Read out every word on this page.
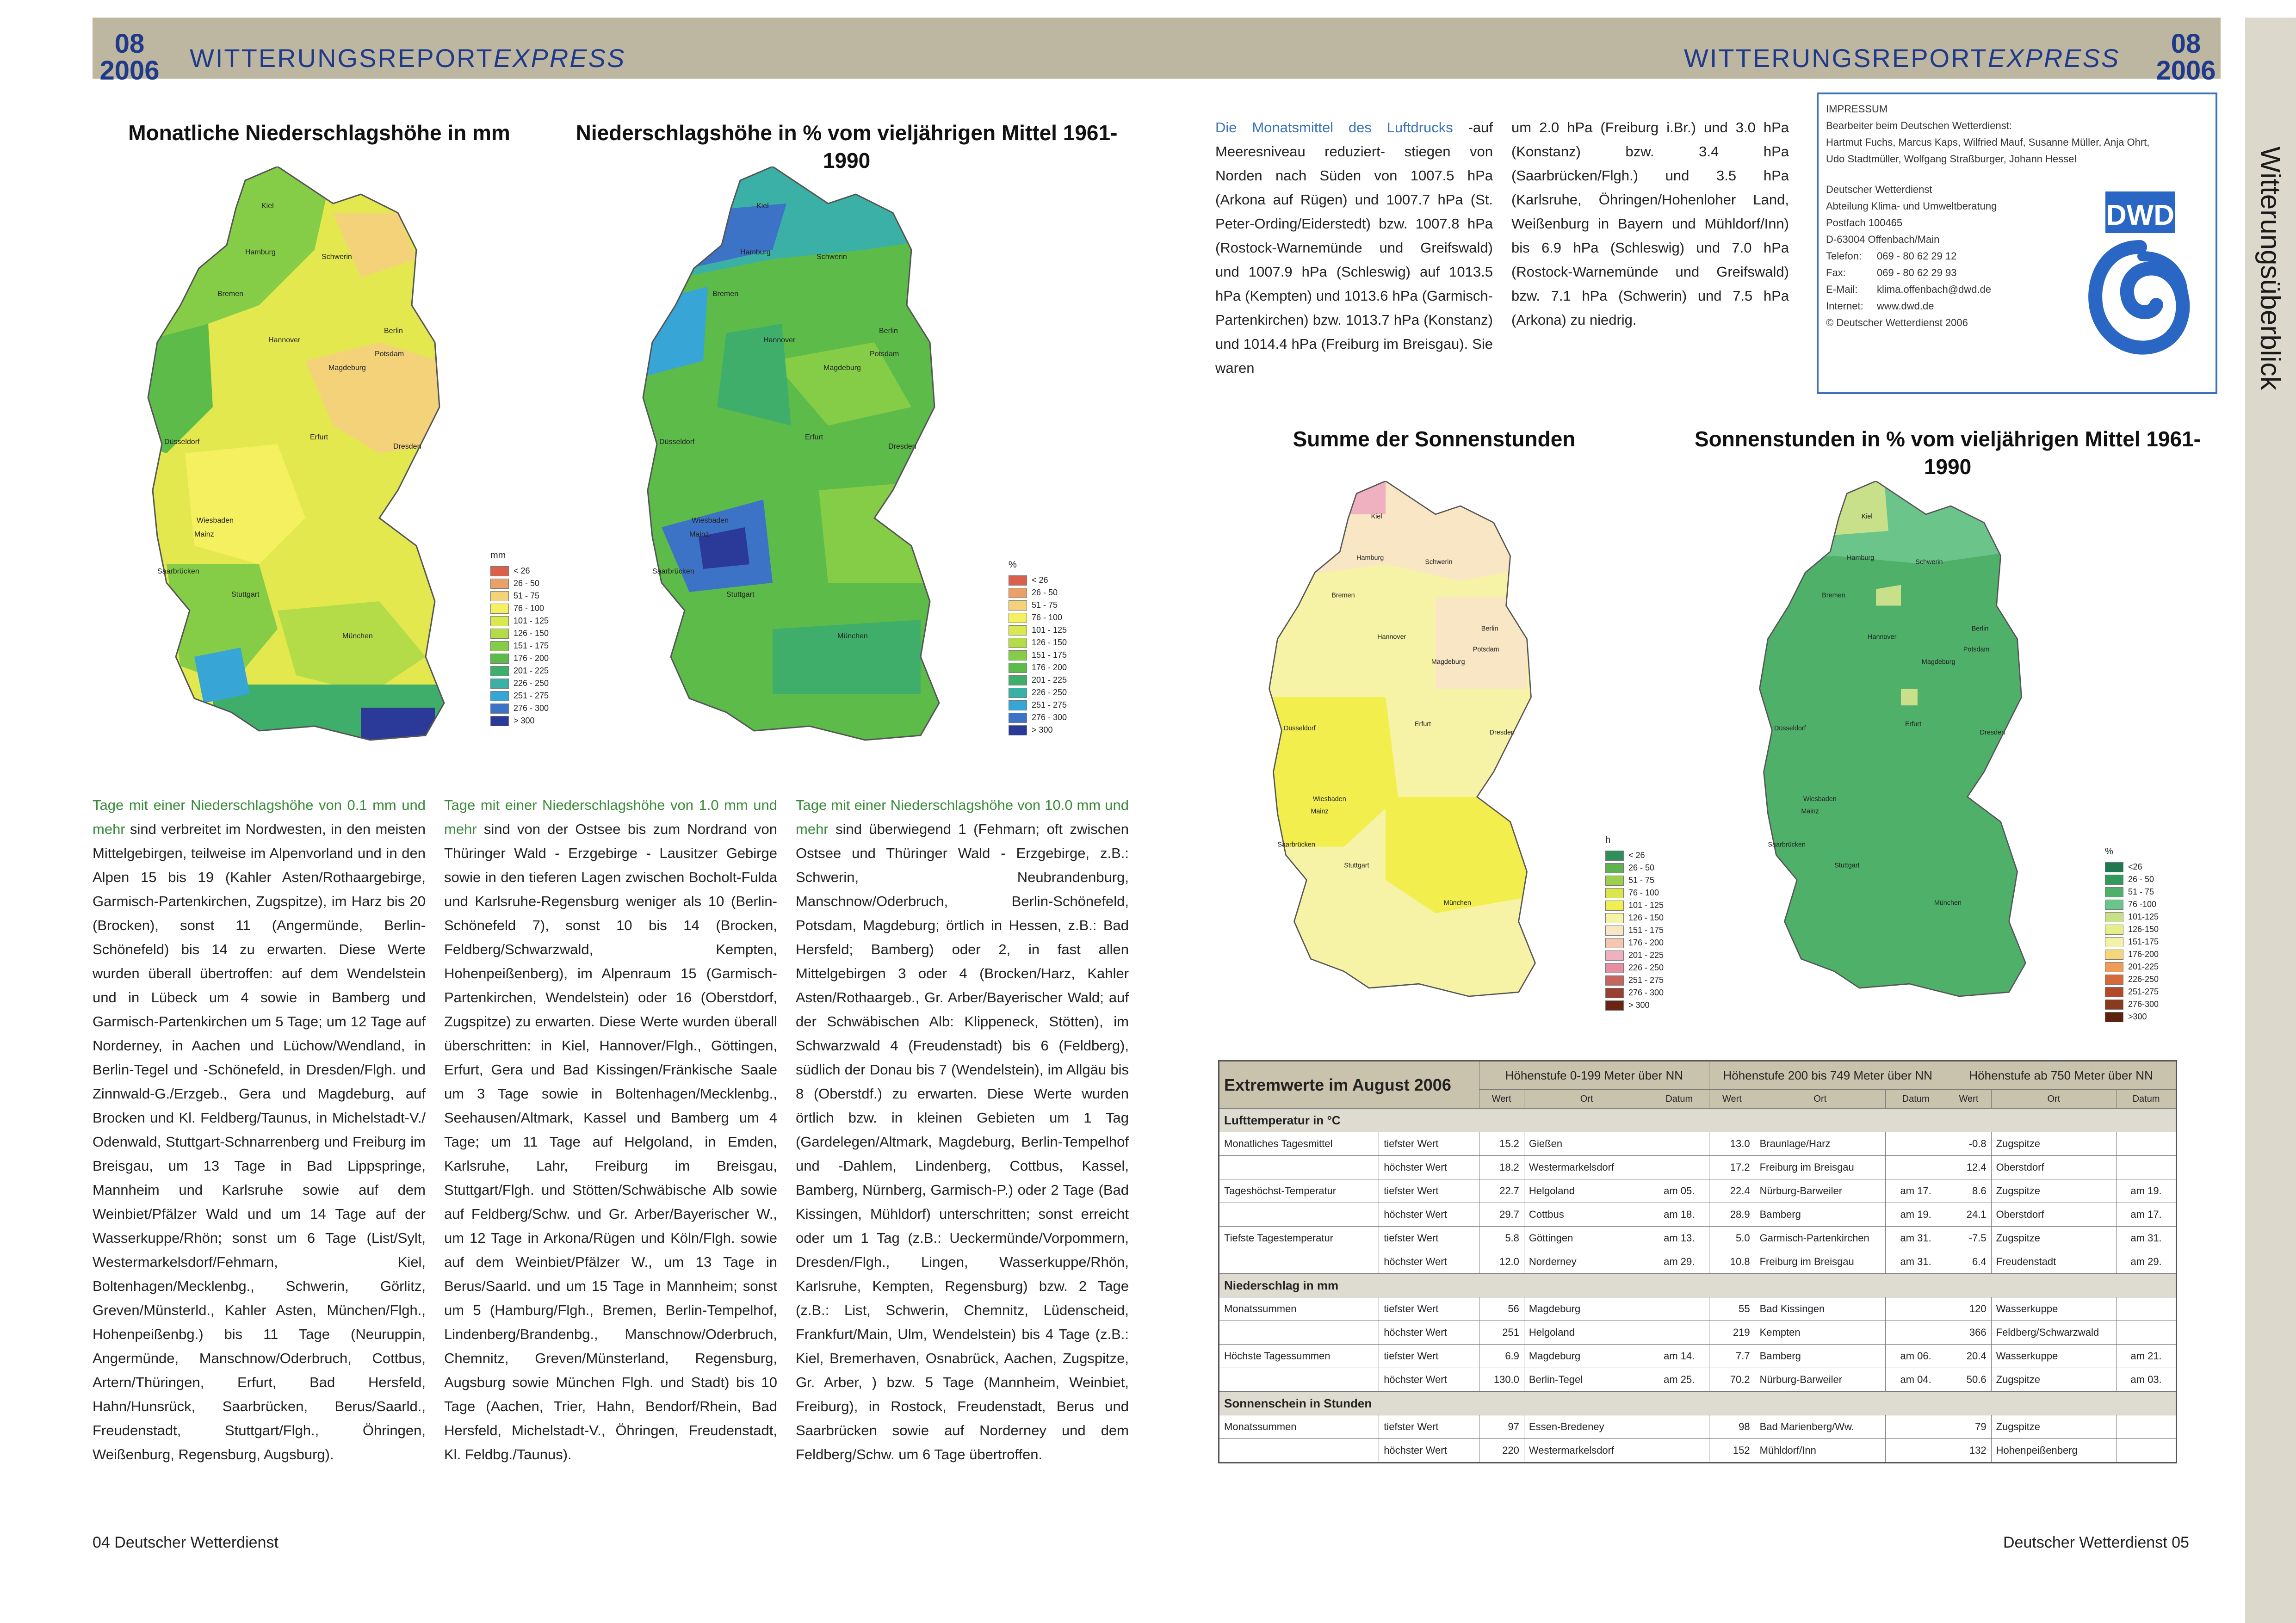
08
2006 WITTERUNGSREPORTEXPRESS	WITTERUNGSREPORTEXPRESS	08
2006
Witterungsüberblick
Monatliche Niederschlagshöhe in mm	Niederschlagshöhe in % vom vieljährigen Mittel 1961-1990
Summe der Sonnenstunden	Sonnenstunden in % vom vieljährigen Mittel 1961-1990
Kiel
Hamburg
Schwerin
Bremen
Berlin
Hannover
Potsdam
Magdeburg
Düsseldorf
Erfurt
Dresden
Wiesbaden
Mainz
Saarbrücken
Stuttgart
München
mm
< 26
26 - 50
51 - 75
76 - 100
101 - 125
126 - 150
151 - 175
176 - 200
201 - 225
226 - 250
251 - 275
276 - 300
> 300
Kiel
Hamburg
Schwerin
Bremen
Berlin
Hannover
Potsdam
Magdeburg
Düsseldorf
Erfurt
Dresden
Wiesbaden
Mainz
Saarbrücken
Stuttgart
München
%
< 26
26 - 50
51 - 75
76 - 100
101 - 125
126 - 150
151 - 175
176 - 200
201 - 225
226 - 250
251 - 275
276 - 300
> 300
Tage mit einer Niederschlagshöhe von 0.1 mm und mehr sind verbreitet im Nordwesten, in den meisten Mittelgebirgen, teilweise im Alpenvorland und in den Alpen 15 bis 19 (Kahler Asten/Rothaargebirge, Garmisch-Partenkirchen, Zugspitze), im Harz bis 20 (Brocken), sonst 11 (Angermünde, Berlin-Schönefeld) bis 14 zu erwarten. Diese Werte wurden überall übertroffen: auf dem Wendelstein und in Lübeck um 4 sowie in Bamberg und Garmisch-Partenkirchen um 5 Tage; um 12 Tage auf Norderney, in Aachen und Lüchow/Wendland, in Berlin-Tegel und -Schönefeld, in Dresden/Flgh. und Zinnwald-G./Erzgeb., Gera und Magdeburg, auf Brocken und Kl. Feldberg/Taunus, in Michelstadt-V./ Odenwald, Stuttgart-Schnarrenberg und Freiburg im Breisgau, um 13 Tage in Bad Lippspringe, Mannheim und Karlsruhe sowie auf dem Weinbiet/Pfälzer Wald und um 14 Tage auf der Wasserkuppe/Rhön; sonst um 6 Tage (List/Sylt, Westermarkelsdorf/Fehmarn, Kiel, Boltenhagen/Mecklenbg., Schwerin, Görlitz, Greven/Münsterld., Kahler Asten, München/Flgh., Hohenpeißenbg.) bis 11 Tage (Neuruppin, Angermünde, Manschnow/Oderbruch, Cottbus, Artern/Thüringen, Erfurt, Bad Hersfeld, Hahn/Hunsrück, Saarbrücken, Berus/Saarld., Freudenstadt, Stuttgart/Flgh., Öhringen, Weißenburg, Regensburg, Augsburg).
Tage mit einer Niederschlagshöhe von 1.0 mm und mehr sind von der Ostsee bis zum Nordrand von Thüringer Wald - Erzgebirge - Lausitzer Gebirge sowie in den tieferen Lagen zwischen Bocholt-Fulda und Karlsruhe-Regensburg weniger als 10 (Berlin-Schönefeld 7), sonst 10 bis 14 (Brocken, Feldberg/Schwarzwald, Kempten, Hohenpeißenberg), im Alpenraum 15 (Garmisch-Partenkirchen, Wendelstein) oder 16 (Oberstdorf, Zugspitze) zu erwarten. Diese Werte wurden überall überschritten: in Kiel, Hannover/Flgh., Göttingen, Erfurt, Gera und Bad Kissingen/Fränkische Saale um 3 Tage sowie in Boltenhagen/Mecklenbg., Seehausen/Altmark, Kassel und Bamberg um 4 Tage; um 11 Tage auf Helgoland, in Emden, Karlsruhe, Lahr, Freiburg im Breisgau, Stuttgart/Flgh. und Stötten/Schwäbische Alb sowie auf Feldberg/Schw. und Gr. Arber/Bayerischer W., um 12 Tage in Arkona/Rügen und Köln/Flgh. sowie auf dem Weinbiet/Pfälzer W., um 13 Tage in Berus/Saarld. und um 15 Tage in Mannheim; sonst um 5 (Hamburg/Flgh., Bremen, Berlin-Tempelhof, Lindenberg/Brandenbg., Manschnow/Oderbruch, Chemnitz, Greven/Münsterland, Regensburg, Augsburg sowie München Flgh. und Stadt) bis 10 Tage (Aachen, Trier, Hahn, Bendorf/Rhein, Bad Hersfeld, Michelstadt-V., Öhringen, Freudenstadt, Kl. Feldbg./Taunus).
Tage mit einer Niederschlagshöhe von 10.0 mm und mehr sind überwiegend 1 (Fehmarn; oft zwischen Ostsee und Thüringer Wald - Erzgebirge, z.B.: Schwerin, Neubrandenburg, Manschnow/Oderbruch, Berlin-Schönefeld, Potsdam, Magdeburg; örtlich in Hessen, z.B.: Bad Hersfeld; Bamberg) oder 2, in fast allen Mittelgebirgen 3 oder 4 (Brocken/Harz, Kahler Asten/Rothaargeb., Gr. Arber/Bayerischer Wald; auf der Schwäbischen Alb: Klippeneck, Stötten), im Schwarzwald 4 (Freudenstadt) bis 6 (Feldberg), südlich der Donau bis 7 (Wendelstein), im Allgäu bis 8 (Oberstdf.) zu erwarten. Diese Werte wurden örtlich bzw. in kleinen Gebieten um 1 Tag (Gardelegen/Altmark, Magdeburg, Berlin-Tempelhof und -Dahlem, Lindenberg, Cottbus, Kassel, Bamberg, Nürnberg, Garmisch-P.) oder 2 Tage (Bad Kissingen, Mühldorf) unterschritten; sonst erreicht oder um 1 Tag (z.B.: Ueckermünde/Vorpommern, Dresden/Flgh., Lingen, Wasserkuppe/Rhön, Karlsruhe, Kempten, Regensburg) bzw. 2 Tage (z.B.: List, Schwerin, Chemnitz, Lüdenscheid, Frankfurt/Main, Ulm, Wendelstein) bis 4 Tage (z.B.: Kiel, Bremerhaven, Osnabrück, Aachen, Zugspitze, Gr. Arber, ) bzw. 5 Tage (Mannheim, Weinbiet, Freiburg), in Rostock, Freudenstadt, Berus und Saarbrücken sowie auf Norderney und dem Feldberg/Schw. um 6 Tage übertroffen.
Die Monatsmittel des Luftdrucks -auf Meeresniveau reduziert- stiegen von Norden nach Süden von 1007.5 hPa (Arkona auf Rügen) und 1007.7 hPa (St. Peter-Ording/Eiderstedt) bzw. 1007.8 hPa (Rostock-Warnemünde und Greifswald) und 1007.9 hPa (Schleswig) auf 1013.5 hPa (Kempten) und 1013.6 hPa (Garmisch-Partenkirchen) bzw. 1013.7 hPa (Konstanz) und 1014.4 hPa (Freiburg im Breisgau). Sie waren
um 2.0 hPa (Freiburg i.Br.) und 3.0 hPa (Konstanz) bzw. 3.4 hPa (Saarbrücken/Flgh.) und 3.5 hPa (Karlsruhe, Öhringen/Hohenloher Land, Weißenburg in Bayern und Mühldorf/Inn) bis 6.9 hPa (Schleswig) und 7.0 hPa (Rostock-Warnemünde und Greifswald) bzw. 7.1 hPa (Schwerin) und 7.5 hPa (Arkona) zu niedrig.
IMPRESSUM
Bearbeiter beim Deutschen Wetterdienst:
Hartmut Fuchs, Marcus Kaps, Wilfried Mauf, Susanne Müller, Anja Ohrt,
Udo Stadtmüller, Wolfgang Straßburger, Johann Hessel
Deutscher Wetterdienst
Abteilung Klima- und Umweltberatung
Postfach 100465
D-63004 Offenbach/Main
Telefon:	069 - 80 62 29 12
Fax:	069 - 80 62 29 93
E-Mail:	klima.offenbach@dwd.de
Internet:	www.dwd.de
© Deutscher Wetterdienst 2006
DWD
Kiel
Hamburg
Schwerin
Bremen
Berlin
Hannover
Potsdam
Magdeburg
Düsseldorf
Erfurt
Dresden
Wiesbaden
Mainz
Saarbrücken
Stuttgart
München
h
< 26
26 - 50
51 - 75
76 - 100
101 - 125
126 - 150
151 - 175
176 - 200
201 - 225
226 - 250
251 - 275
276 - 300
> 300
Kiel
Hamburg
Schwerin
Bremen
Berlin
Hannover
Potsdam
Magdeburg
Düsseldorf
Erfurt
Dresden
Wiesbaden
Mainz
Saarbrücken
Stuttgart
München
%
<26
26 - 50
51 - 75
76 -100
101-125
126-150
151-175
176-200
201-225
226-250
251-275
276-300
>300
Extremwerte im August 2006		Höhenstufe 0-199 Meter über NN			Höhenstufe 200 bis 749 Meter über NN			Höhenstufe ab 750 Meter über NN		
		Wert	Ort	Datum	Wert	Ort	Datum	Wert	Ort	Datum
Lufttemperatur in °C										
Monatliches Tagesmittel	tiefster Wert	15.2	Gießen		13.0	Braunlage/Harz		-0.8	Zugspitze	
	höchster Wert	18.2	Westermarkelsdorf		17.2	Freiburg im Breisgau		12.4	Oberstdorf	
Tageshöchst-Temperatur	tiefster Wert	22.7	Helgoland	am 05.	22.4	Nürburg-Barweiler	am 17.	8.6	Zugspitze	am 19.
	höchster Wert	29.7	Cottbus	am 18.	28.9	Bamberg	am 19.	24.1	Oberstdorf	am 17.
Tiefste Tagestemperatur	tiefster Wert	5.8	Göttingen	am 13.	5.0	Garmisch-Partenkirchen	am 31.	-7.5	Zugspitze	am 31.
	höchster Wert	12.0	Norderney	am 29.	10.8	Freiburg im Breisgau	am 31.	6.4	Freudenstadt	am 29.
Niederschlag in mm										
Monatssummen	tiefster Wert	56	Magdeburg		55	Bad Kissingen		120	Wasserkuppe	
	höchster Wert	251	Helgoland		219	Kempten		366	Feldberg/Schwarzwald	
Höchste Tagessummen	tiefster Wert	6.9	Magdeburg	am 14.	7.7	Bamberg	am 06.	20.4	Wasserkuppe	am 21.
	höchster Wert	130.0	Berlin-Tegel	am 25.	70.2	Nürburg-Barweiler	am 04.	50.6	Zugspitze	am 03.
Sonnenschein in Stunden										
Monatssummen	tiefster Wert	97	Essen-Bredeney		98	Bad Marienberg/Ww.		79	Zugspitze	
	höchster Wert	220	Westermarkelsdorf		152	Mühldorf/Inn		132	Hohenpeißenberg	
04 Deutscher Wetterdienst	Deutscher Wetterdienst 05
